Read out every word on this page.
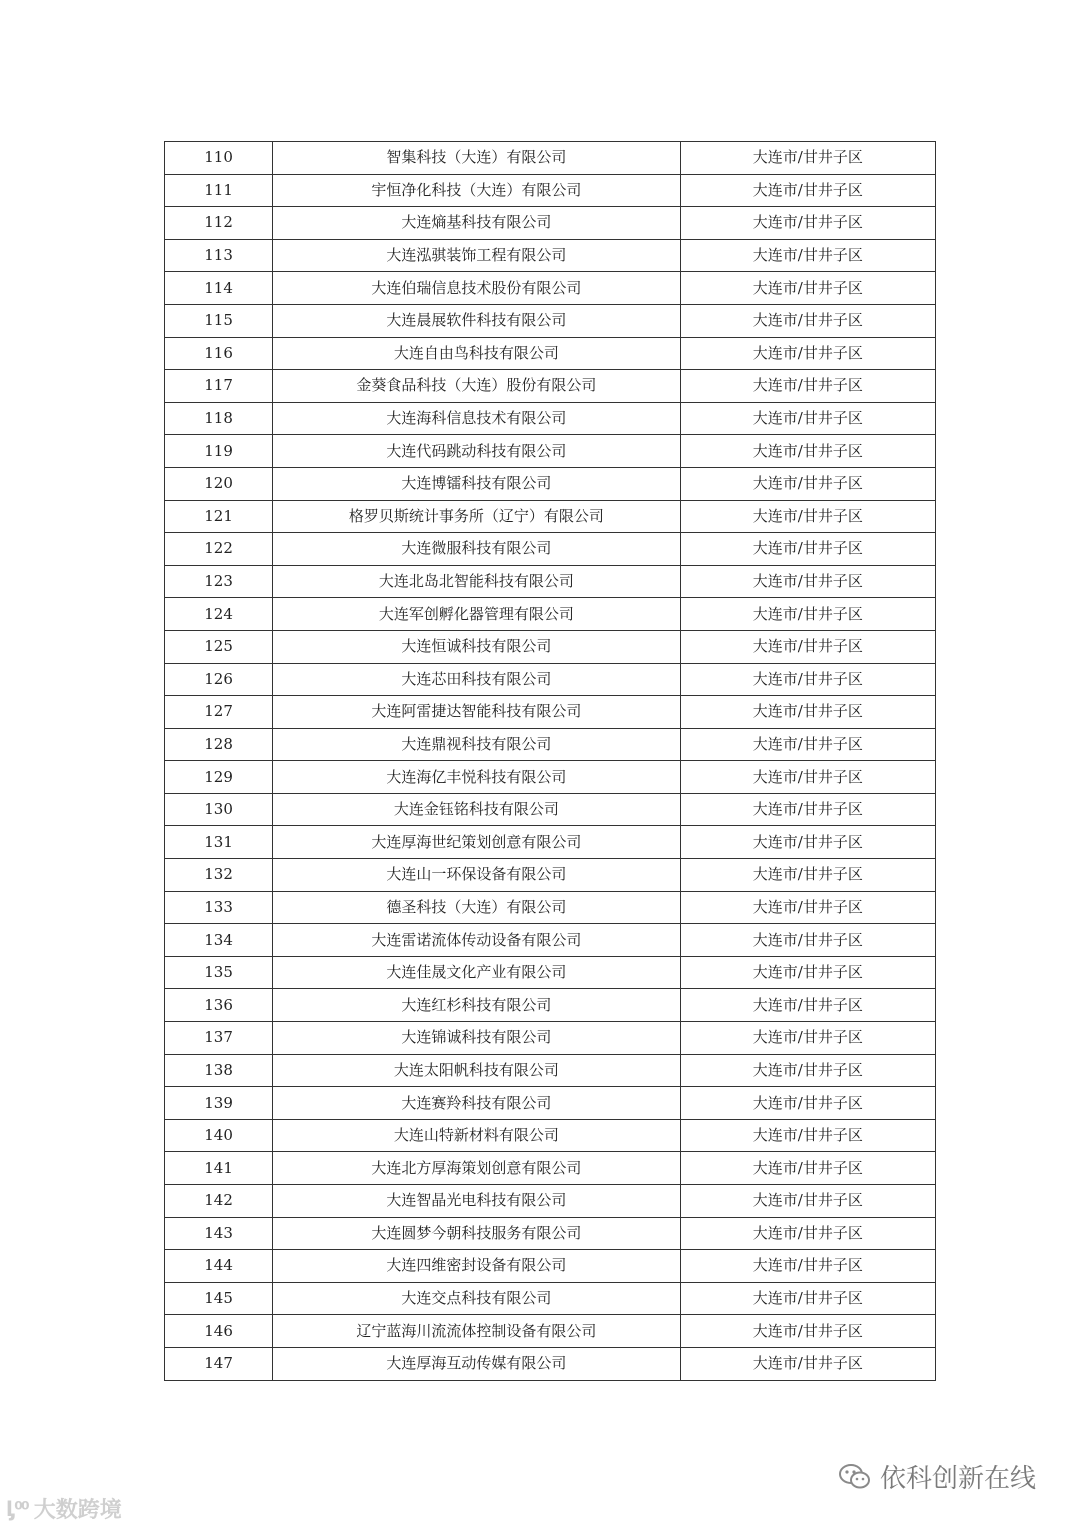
110	智集科技（大连）有限公司	大连市/甘井子区
111	宇恒净化科技（大连）有限公司	大连市/甘井子区
112	大连熵基科技有限公司	大连市/甘井子区
113	大连泓骐装饰工程有限公司	大连市/甘井子区
114	大连伯瑞信息技术股份有限公司	大连市/甘井子区
115	大连晨展软件科技有限公司	大连市/甘井子区
116	大连自由鸟科技有限公司	大连市/甘井子区
117	金葵食品科技（大连）股份有限公司	大连市/甘井子区
118	大连海科信息技术有限公司	大连市/甘井子区
119	大连代码跳动科技有限公司	大连市/甘井子区
120	大连博镭科技有限公司	大连市/甘井子区
121	格罗贝斯统计事务所（辽宁）有限公司	大连市/甘井子区
122	大连微服科技有限公司	大连市/甘井子区
123	大连北岛北智能科技有限公司	大连市/甘井子区
124	大连军创孵化器管理有限公司	大连市/甘井子区
125	大连恒诚科技有限公司	大连市/甘井子区
126	大连芯田科技有限公司	大连市/甘井子区
127	大连阿雷捷达智能科技有限公司	大连市/甘井子区
128	大连鼎视科技有限公司	大连市/甘井子区
129	大连海亿丰悦科技有限公司	大连市/甘井子区
130	大连金钰铭科技有限公司	大连市/甘井子区
131	大连厚海世纪策划创意有限公司	大连市/甘井子区
132	大连山一环保设备有限公司	大连市/甘井子区
133	德圣科技（大连）有限公司	大连市/甘井子区
134	大连雷诺流体传动设备有限公司	大连市/甘井子区
135	大连佳晟文化产业有限公司	大连市/甘井子区
136	大连红杉科技有限公司	大连市/甘井子区
137	大连锦诚科技有限公司	大连市/甘井子区
138	大连太阳帆科技有限公司	大连市/甘井子区
139	大连赛羚科技有限公司	大连市/甘井子区
140	大连山特新材料有限公司	大连市/甘井子区
141	大连北方厚海策划创意有限公司	大连市/甘井子区
142	大连智晶光电科技有限公司	大连市/甘井子区
143	大连圆梦今朝科技服务有限公司	大连市/甘井子区
144	大连四维密封设备有限公司	大连市/甘井子区
145	大连交点科技有限公司	大连市/甘井子区
146	辽宁蓝海川流流体控制设备有限公司	大连市/甘井子区
147	大连厚海互动传媒有限公司	大连市/甘井子区
ᶅ⁰⁰ 大数跨境
依科创新在线
